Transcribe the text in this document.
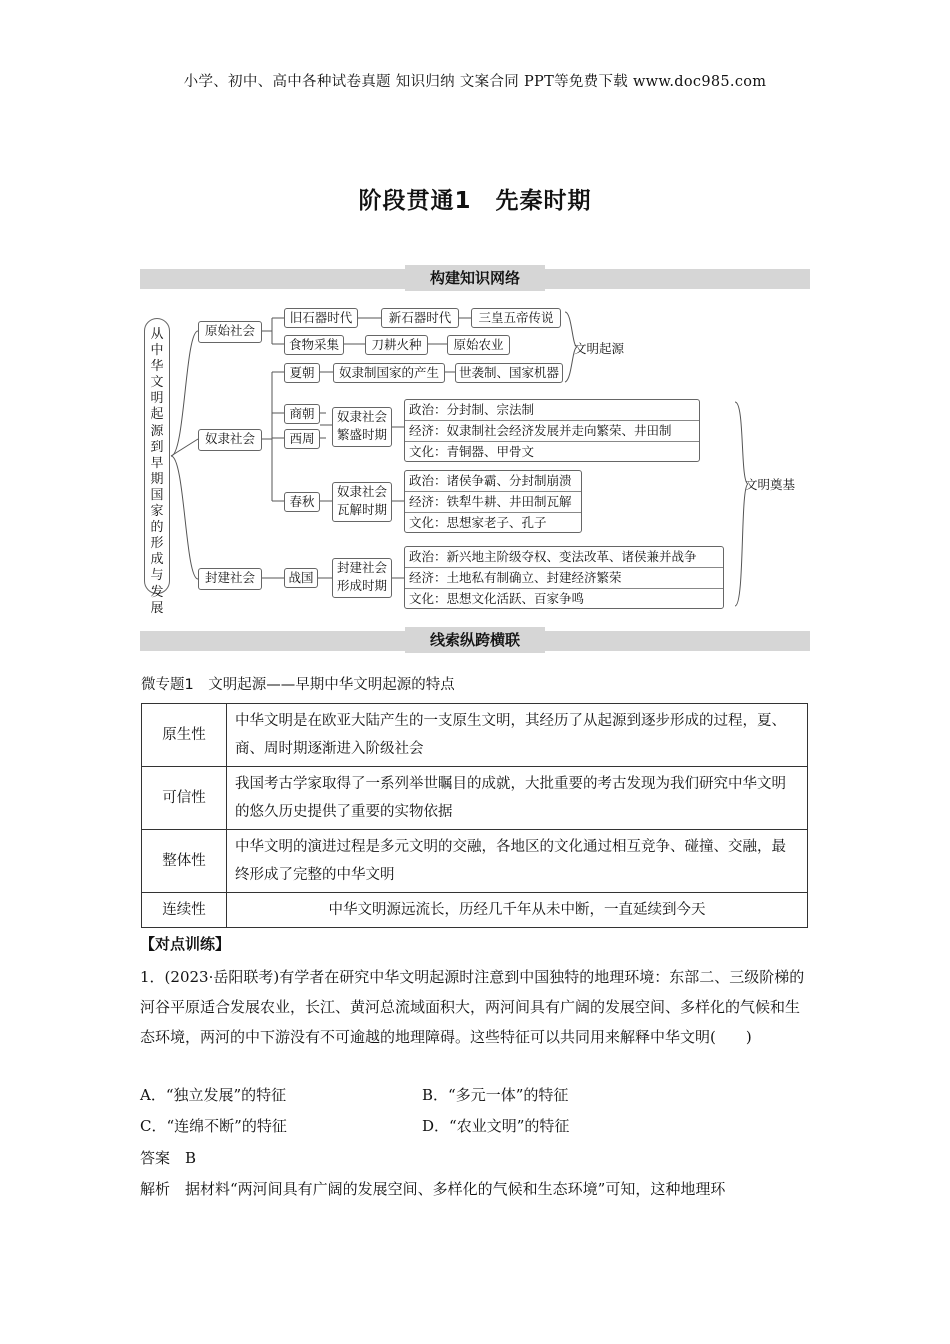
小学、初中、高中各种试卷真题 知识归纳 文案合同 PPT等免费下载 www.doc985.com
阶段贯通1　先秦时期
构建知识网络
从中华文明起源到早期国家的形成与发展
原始社会
奴隶社会
封建社会
旧石器时代	新石器时代	三皇五帝传说
食物采集	刀耕火种	原始农业
夏朝	奴隶制国家的产生	世袭制、国家机器
商朝
西周
奴隶社会繁盛时期
春秋
奴隶社会瓦解时期
战国
封建社会形成时期
政治：分封制、宗法制
经济：奴隶制社会经济发展并走向繁荣、井田制
文化：青铜器、甲骨文
政治：诸侯争霸、分封制崩溃
经济：铁犁牛耕、井田制瓦解
文化：思想家老子、孔子
政治：新兴地主阶级夺权、变法改革、诸侯兼并战争
经济：土地私有制确立、封建经济繁荣
文化：思想文化活跃、百家争鸣
文明起源
文明奠基
线索纵跨横联
微专题1　文明起源——早期中华文明起源的特点
原生性	中华文明是在欧亚大陆产生的一支原生文明，其经历了从起源到逐步形成的过程，夏、商、周时期逐渐进入阶级社会
可信性	我国考古学家取得了一系列举世瞩目的成就，大批重要的考古发现为我们研究中华文明的悠久历史提供了重要的实物依据
整体性	中华文明的演进过程是多元文明的交融，各地区的文化通过相互竞争、碰撞、交融，最终形成了完整的中华文明
连续性	中华文明源远流长，历经几千年从未中断，一直延续到今天
【对点训练】
1．(2023·岳阳联考)有学者在研究中华文明起源时注意到中国独特的地理环境：东部二、三级阶梯的河谷平原适合发展农业，长江、黄河总流域面积大，两河间具有广阔的发展空间、多样化的气候和生态环境，两河的中下游没有不可逾越的地理障碍。这些特征可以共同用来解释中华文明(　　)
A．“独立发展”的特征	B．“多元一体”的特征
C．“连绵不断”的特征	D．“农业文明”的特征
答案　B
解析　据材料“两河间具有广阔的发展空间、多样化的气候和生态环境”可知，这种地理环
